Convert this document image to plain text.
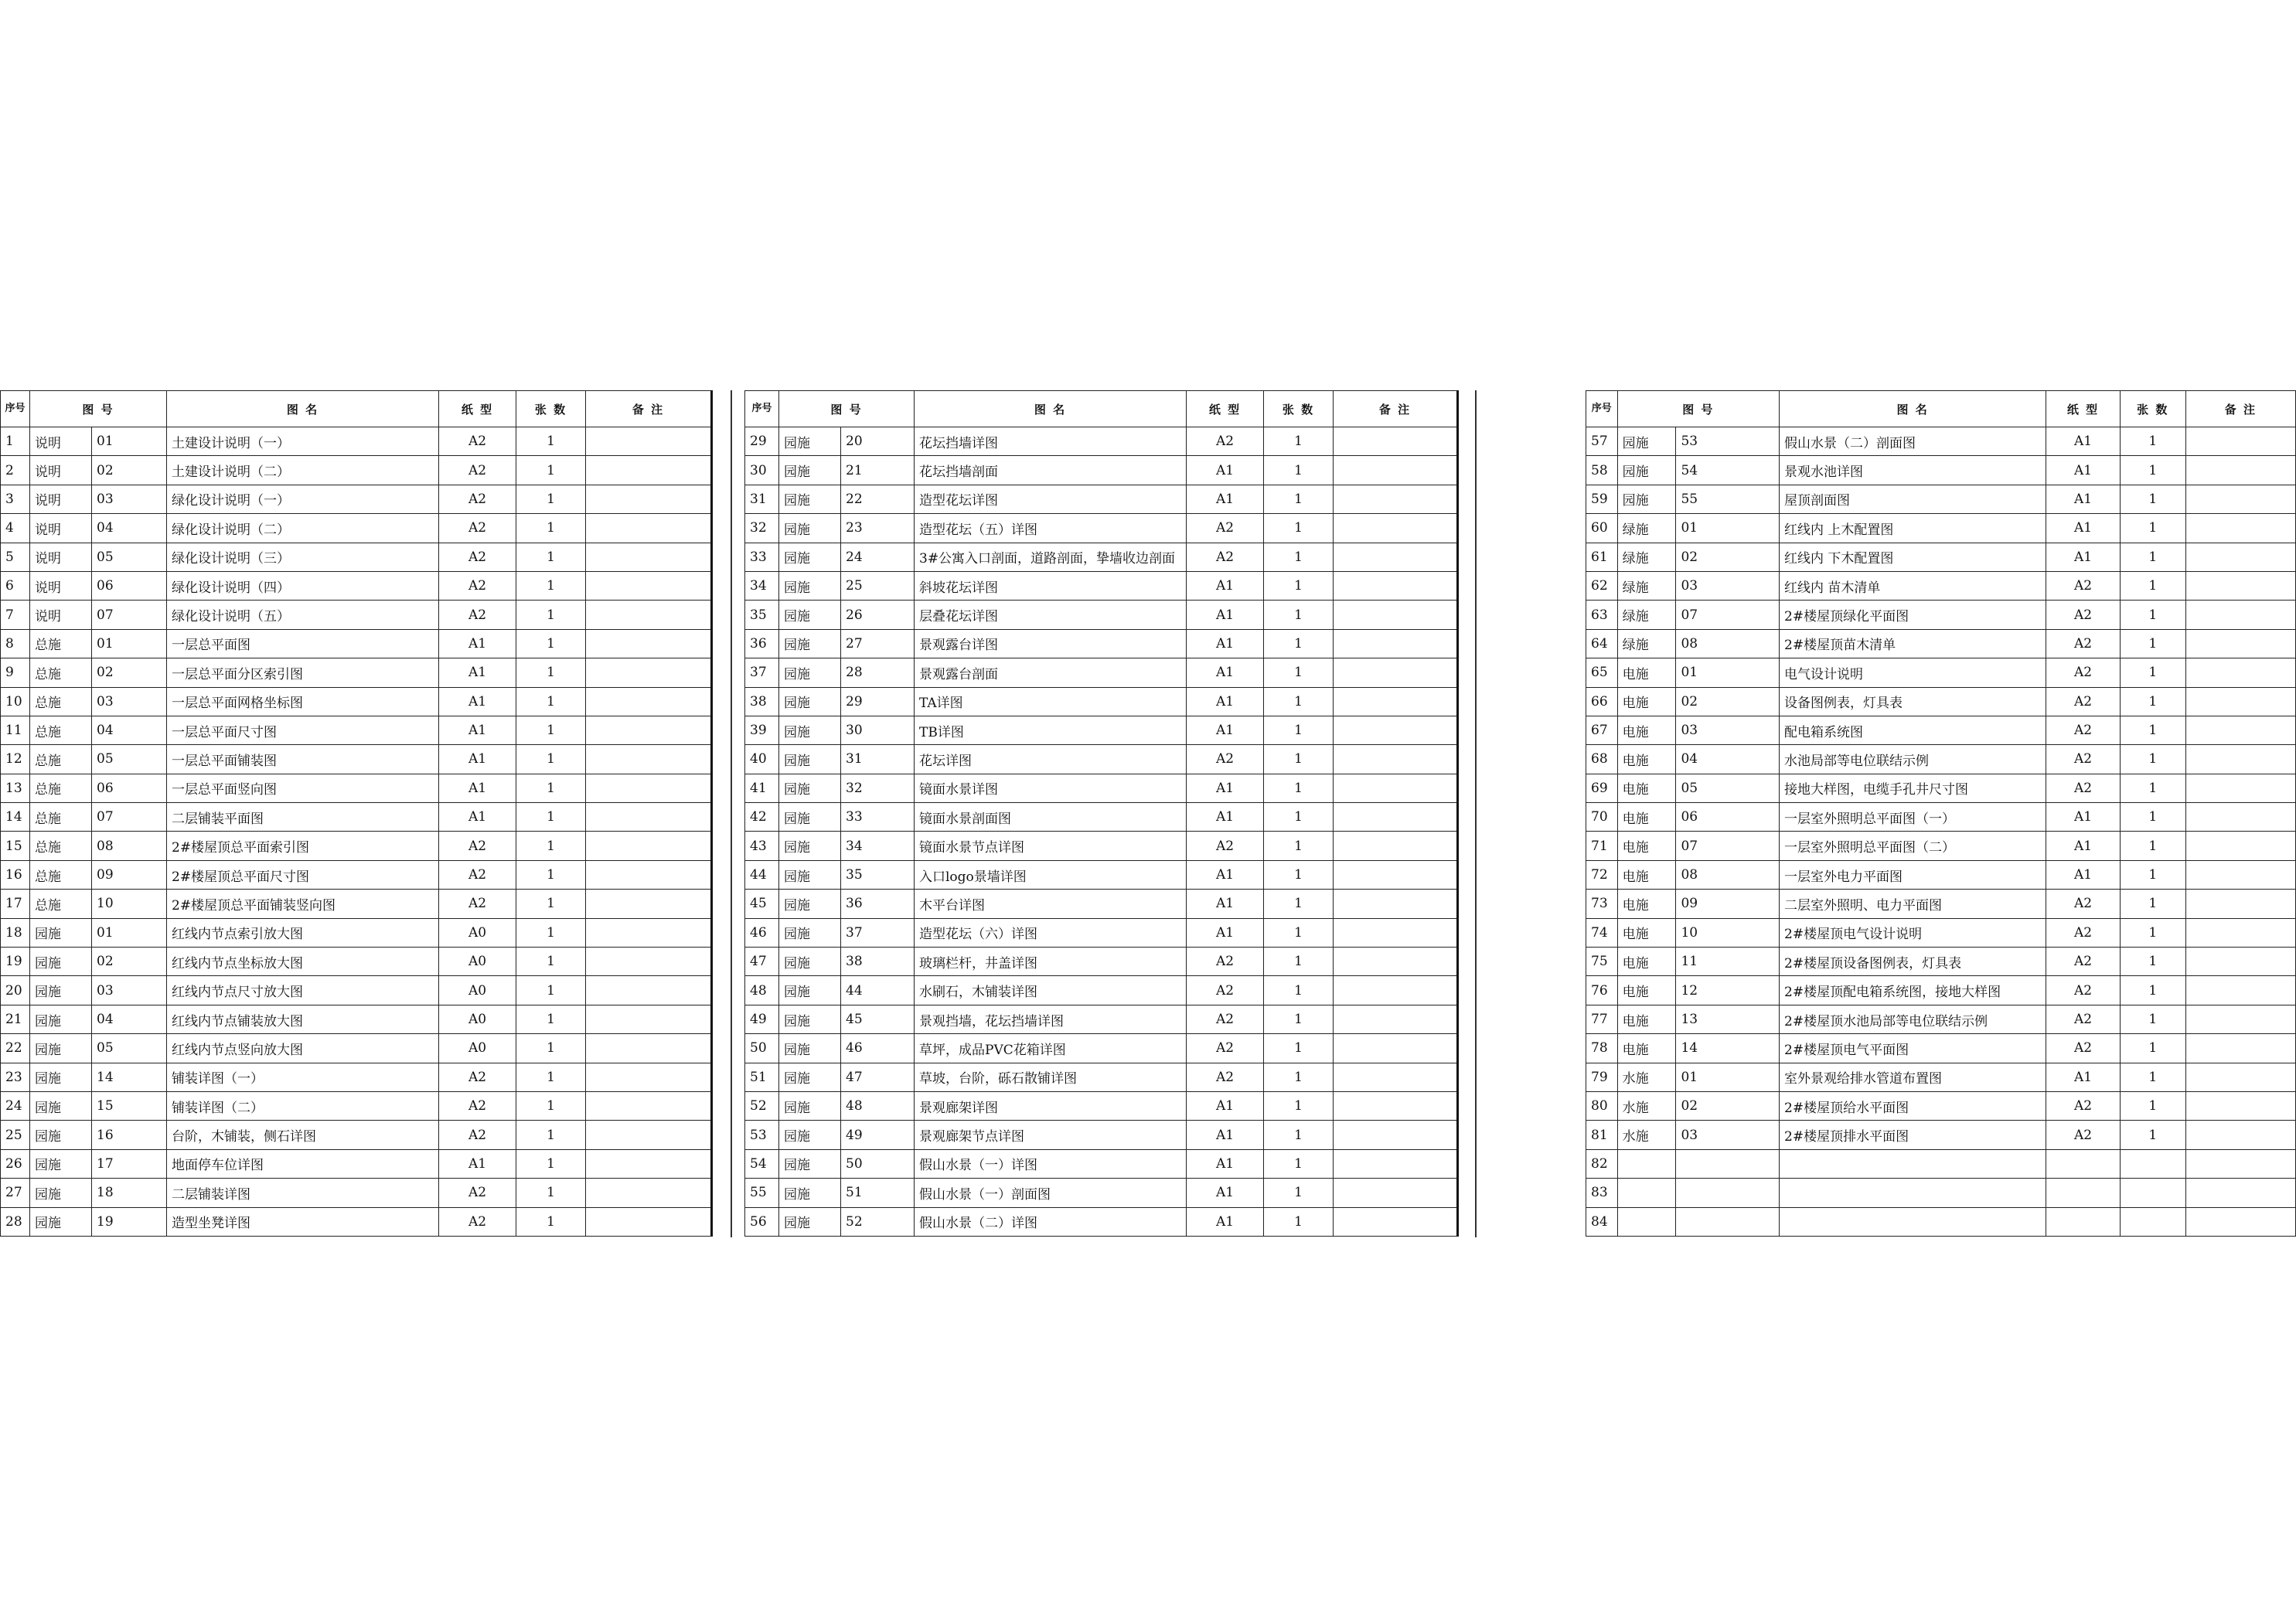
序号	图 号		图 名	纸 型	张 数	备 注
1	说明	01	土建设计说明（一）	A2	1	
2	说明	02	土建设计说明（二）	A2	1	
3	说明	03	绿化设计说明（一）	A2	1	
4	说明	04	绿化设计说明（二）	A2	1	
5	说明	05	绿化设计说明（三）	A2	1	
6	说明	06	绿化设计说明（四）	A2	1	
7	说明	07	绿化设计说明（五）	A2	1	
8	总施	01	一层总平面图	A1	1	
9	总施	02	一层总平面分区索引图	A1	1	
10	总施	03	一层总平面网格坐标图	A1	1	
11	总施	04	一层总平面尺寸图	A1	1	
12	总施	05	一层总平面铺装图	A1	1	
13	总施	06	一层总平面竖向图	A1	1	
14	总施	07	二层铺装平面图	A1	1	
15	总施	08	2#楼屋顶总平面索引图	A2	1	
16	总施	09	2#楼屋顶总平面尺寸图	A2	1	
17	总施	10	2#楼屋顶总平面铺装竖向图	A2	1	
18	园施	01	红线内节点索引放大图	A0	1	
19	园施	02	红线内节点坐标放大图	A0	1	
20	园施	03	红线内节点尺寸放大图	A0	1	
21	园施	04	红线内节点铺装放大图	A0	1	
22	园施	05	红线内节点竖向放大图	A0	1	
23	园施	14	铺装详图（一）	A2	1	
24	园施	15	铺装详图（二）	A2	1	
25	园施	16	台阶，木铺装，侧石详图	A2	1	
26	园施	17	地面停车位详图	A1	1	
27	园施	18	二层铺装详图	A2	1	
28	园施	19	造型坐凳详图	A2	1	
序号	图 号		图 名	纸 型	张 数	备 注
29	园施	20	花坛挡墙详图	A2	1	
30	园施	21	花坛挡墙剖面	A1	1	
31	园施	22	造型花坛详图	A1	1	
32	园施	23	造型花坛（五）详图	A2	1	
33	园施	24	3#公寓入口剖面，道路剖面，挚墙收边剖面	A2	1	
34	园施	25	斜坡花坛详图	A1	1	
35	园施	26	层叠花坛详图	A1	1	
36	园施	27	景观露台详图	A1	1	
37	园施	28	景观露台剖面	A1	1	
38	园施	29	TA详图	A1	1	
39	园施	30	TB详图	A1	1	
40	园施	31	花坛详图	A2	1	
41	园施	32	镜面水景详图	A1	1	
42	园施	33	镜面水景剖面图	A1	1	
43	园施	34	镜面水景节点详图	A2	1	
44	园施	35	入口logo景墙详图	A1	1	
45	园施	36	木平台详图	A1	1	
46	园施	37	造型花坛（六）详图	A1	1	
47	园施	38	玻璃栏杆，井盖详图	A2	1	
48	园施	44	水刷石，木铺装详图	A2	1	
49	园施	45	景观挡墙，花坛挡墙详图	A2	1	
50	园施	46	草坪，成品PVC花箱详图	A2	1	
51	园施	47	草坡，台阶，砾石散铺详图	A2	1	
52	园施	48	景观廊架详图	A1	1	
53	园施	49	景观廊架节点详图	A1	1	
54	园施	50	假山水景（一）详图	A1	1	
55	园施	51	假山水景（一）剖面图	A1	1	
56	园施	52	假山水景（二）详图	A1	1	
序号	图 号		图 名	纸 型	张 数	备 注
57	园施	53	假山水景（二）剖面图	A1	1	
58	园施	54	景观水池详图	A1	1	
59	园施	55	屋顶剖面图	A1	1	
60	绿施	01	红线内 上木配置图	A1	1	
61	绿施	02	红线内 下木配置图	A1	1	
62	绿施	03	红线内 苗木清单	A2	1	
63	绿施	07	2#楼屋顶绿化平面图	A2	1	
64	绿施	08	2#楼屋顶苗木清单	A2	1	
65	电施	01	电气设计说明	A2	1	
66	电施	02	设备图例表，灯具表	A2	1	
67	电施	03	配电箱系统图	A2	1	
68	电施	04	水池局部等电位联结示例	A2	1	
69	电施	05	接地大样图，电缆手孔井尺寸图	A2	1	
70	电施	06	一层室外照明总平面图（一）	A1	1	
71	电施	07	一层室外照明总平面图（二）	A1	1	
72	电施	08	一层室外电力平面图	A1	1	
73	电施	09	二层室外照明、电力平面图	A2	1	
74	电施	10	2#楼屋顶电气设计说明	A2	1	
75	电施	11	2#楼屋顶设备图例表，灯具表	A2	1	
76	电施	12	2#楼屋顶配电箱系统图，接地大样图	A2	1	
77	电施	13	2#楼屋顶水池局部等电位联结示例	A2	1	
78	电施	14	2#楼屋顶电气平面图	A2	1	
79	水施	01	室外景观给排水管道布置图	A1	1	
80	水施	02	2#楼屋顶给水平面图	A2	1	
81	水施	03	2#楼屋顶排水平面图	A2	1	
82						
83						
84						
